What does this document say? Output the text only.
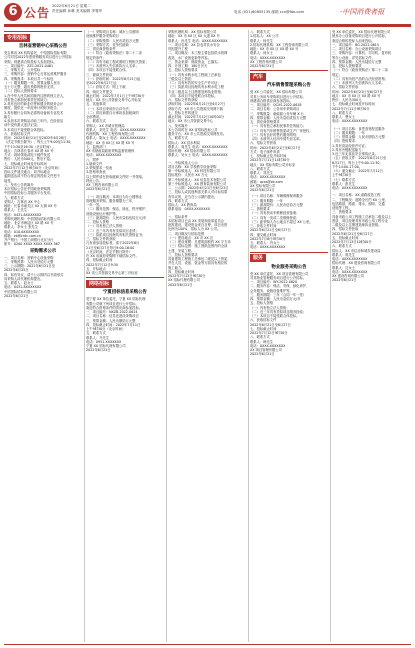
6 公告 2022年6月21日 星期二
责任编辑 孙琳 美术编辑 李骞华	电话 (021)60855135 邮箱 ccn@fdo.com	·中国消费者报
专用招标
吉林省营销中心采购公告
受吉林省 XX 机构委托，中招国际招标有限
公司对其2022年度营销服务项目进行公开招标
采购，现邀请合格投标人参加投标。
一、项目编号：ZZC-2022-0461
二、采购方式：公开招标
三、采购内容：营销中心日常运营维护服务
四、采购需求：本项目共一个标包
（一）服务期限一年，预算金额人民币
五十万元整，超出预算的报价无效。
（二）投标人资格要求
1.在中华人民共和国境内注册的独立法人，
具有独立承担民事责任的能力；
2.具有良好的商业信誉和健全的财务会计
制度，提供近一年经审计的财务报告；
3.具有履行合同所必需的设备和专业技术
能力；
4.参加本次采购活动前三年内，在经营活
动中没有重大违法记录；
5.本项目不接受联合体投标。
六、获取招标文件
时间：2022年6月21日至2022年6月28日
（法定节假日除外），每天上午9:00至11:30，
下午13:30至16:30（北京时间）。
地点：吉林省长春市 XX 路 XX 号
方式：现场领取或电子邮件发送
售价：人民币500元，售后不退。
七、投标截止时间及开标时间
2022年7月12日9时30分（北京时间）
投标文件递交地点：同开标地点
逾期送达或不符合规定的投标文件恕不
接受。
八、发布公告的媒介
本次招标公告在中国政府采购网、
中国招标投标公共服务平台发布。
九、联系方式
采购人：吉林省 XX 中心
地址：长春市南关区 XX 大街 XX 号
联系人：王先生
电话：0431-8XXXXXXX
采购代理机构：中招国际招标有限公司
地址：北京市海淀区 XX 路 XX 号
联系人：李女士 张先生
电话：010-6XXXXXXX
邮箱：zb@cntc.com.cn
开户银行：中国工商银行北京分行
账号：0200 XXXX XXXX XXXX 567
采购需求公示
一、项目名称：营销中心设备采购
二、采购预算：人民币叁拾万元整
三、公示期限：2022年6月21日至
2022年6月25日
四、如有异议，请于公示期内以书面形式
向采购人或代理机构提出。
五、联系人：赵女士
电话：0431-8XXXXXXX
中招国际招标有限公司
2022年6月21日
（一）采购项目名称：城市公共照明
设施维护服务采购项目
（二）采购预算：人民币贰佰万元整
（三）采购方式：竞争性磋商
二、供应商资格条件
（一）符合《政府采购法》第二十二条
规定的条件；
（二）具有市政工程或照明工程相关资质；
（三）未被列入失信被执行人名单；
（四）本项目不接受联合体。
三、磋商文件获取
（一）获取时间：2022年6月21日起
至2022年6月27日止
（二）获取方式：网上下载
四、响应文件提交
截止时间：2022年7月1日上午9时30分
地点：XX 市公共资源交易中心开标室
五、其他事项
（一）本项目采用综合评分法；
（二）供应商需自行承担参加磋商的
全部费用。
六、联系方式
采购人：XX 市城市管理局
联系人：刘先生 电话：0XXX-XXXXXXX
代理机构：XX 工程咨询有限公司
联系人：陈女士 电话：0XXX-XXXXXXX
地址：XX 市 XX 区 XX 路 XX 号
七、监督部门
XX 市财政局政府采购监督管理科
电话：0XXX-XXXXXXX
八、附件
1.磋商文件
2.采购需求一览表
3.资格审查表
以上附件请在获取磋商文件时一并领取。
特此公告。
XX 工程咨询有限公司
2022年6月21日
（一）项目概况：本项目为办公楼物业
管理服务采购，服务期限为三年，
一年一签。
（二）服务范围：保洁、绿化、秩序维护、
设施设备运行维护等。
（三）最高限价：人民币壹佰伍拾万元/年
二、投标人资格
（一）具有独立法人资格；
（二）近三年内具有类似项目业绩；
（三）拟派项目经理具有相关资格证书；
三、招标文件的获取
凡有意参加投标者，请于2022年6月
21日至6月27日每日9:00-16:00
（北京时间，法定节假日除外）
在 XX 省政府采购网下载招标文件。
四、投标截止时间
2022年7月12日9:30
五、开标地点
XX 省公共资源交易中心第三开标室
网络招标
宁夏招标信息采购公告
受宁夏 XX 单位委托，宁夏 XX 招标代理
有限公司就下列项目进行公开招标，
欢迎符合资格条件的供应商参加投标。
一、项目编号：NXZB-2022-0614
二、项目名称：信息化建设采购项目
三、预算金额：人民币捌拾万元整
四、投标截止时间：2022年7月11日
上午9时30分（北京时间）
五、联系方式
联系人：马先生
电话：0951-XXXXXXX
宁夏 XX 招标代理有限公司
2022年6月21日
采购代理机构：XX 招标有限公司
地址：XX 市 XX 区 XX 大道 XX 号
联系人：孙先生 电话：0XXX-XXXXXXX
一、项目名称：XX 县农村饮水安全
巩固提升工程
二、项目概况：本工程主要包括供水管网
改造、水厂设备更新等内容。
三、资金来源：财政资金，已落实。
四、计划工期：180日历天
五、投标人资格要求
（一）具有水利水电工程施工总承包
三级及以上资质；
（二）具有有效的安全生产许可证；
（三）拟派项目经理具有水利水电工程
专业二级及以上注册建造师执业资格；
（四）本项目不接受联合体投标。
六、招标文件的获取
获取时间：2022年6月21日至6月27日
获取方式：XX 市公共资源交易网下载
七、投标文件的递交
截止时间：2022年7月12日10时00分
地点：XX 市公共资源交易中心
八、发布媒介
本公告同时在 XX 省招标投标公共
服务平台、XX 市公共资源交易网发布。
九、联系方式
招标人：XX 县水利局
联系人：周先生 电话：0XXX-XXXXXXX
招标代理：XX 招标有限公司
联系人：吴女士 电话：0XXX-XXXXXXX
一、中标候选人公示
项目名称：XX 学校教学设备采购
第一中标候选人：XX 科技有限公司
投标报价：人民币 XX 万元
第二中标候选人：XX 信息技术有限公司
第三中标候选人：XX 教育装备有限公司
二、公示期：2022年6月21日至6月23日
三、投标人或其他利害关系人对评标结果
有异议的，应当在公示期内提出。
四、联系方式
招标人：XX 教育局
联系电话：0XXX-XXXXXXX
一、招标条件
本招标项目已由 XX 发展和改革委员会
批准建设，建设资金来自自筹，项目出资
比例为100%，招标人为 XX 公司。
二、项目概况与招标范围
（一）建设地点：XX 市 XX 区
（二）建设规模：总建筑面积约 XX 平方米
（三）招标范围：施工图纸范围内的全部
土建、安装工程。
三、投标人资格要求
具备建筑工程施工总承包二级及以上资质，
并在人员、设备、资金等方面具有相应的
施工能力。
四、投标截止时间
2022年7月13日9时30分
XX 招标代理有限公司
2022年6月21日
八、联系方式
1.招标人：XX 公司
联系人：杨先生
2.招标代理机构：XX 工程咨询有限公司
地址：XX 市 XX 区 XX 路 XX 号
联系人：何女士
电话：0XXX-XXXXXXX
XX 工程咨询有限公司
2022年6月21日
汽车
汽车销售管理采购公告
受 XX 公司委托，XX 招标有限公司
对其公务用车采购项目进行公开招标，
现邀请合格供应商参加投标。
一、项目编号：QCXS-2022-0618
二、项目名称：公务用车采购项目
三、采购数量：新能源公务车辆 X 台
四、预算金额：人民币壹佰贰拾万元整
五、供应商资格要求
（一）具有独立承担民事责任的能力；
（二）具有汽车销售资质或生产厂家授权；
（三）具有良好的售后服务网络；
（四）未被列入信用中国失信名单。
六、招标文件获取
时间：2022年6月21日至6月27日
方式：电子邮件申请
七、投标截止及开标时间
2022年7月11日14时30分
地点：XX 招标有限公司开标室
八、联系方式
联系人：郑先生
电话：0XXX-XXXXXXX
邮箱：qcxs@zb.com
XX 招标有限公司
2022年6月21日
（一）项目名称：车辆维修保养服务
（二）服务期限：一年
（三）最高限价：人民币伍拾万元整
二、资格要求
（一）具有机动车维修经营备案；
（二）具有一类或二类维修资质；
（三）距采购人办公地点不超过 XX 公里。
三、获取文件时间
2022年6月21日至6月27日
四、递交截止时间
2022年7月8日9时30分
五、联系人：冯女士
电话：0XXX-XXXXXXX
服务
物业服务采购公告
受 XX 单位委托，XX 项目管理有限公司
对其物业管理服务项目进行公开招标。
一、项目编号：WY-2022-0620
二、服务内容：保洁、安保、绿化养护、
会务服务、设施设备维护等。
三、服务期限：三年（合同一年一签）
四、预算金额：人民币壹佰万元/年
五、投标人资格
（一）具有独立法人资格；
（二）近三年具有类似项目服务经验；
（三）本项目不接受联合体投标。
六、获取招标文件
2022年6月21日至6月27日
七、投标截止时间
2022年7月12日9时30分
八、联系方式
联系人：韩先生
电话：0XXX-XXXXXXX
XX 项目管理有限公司
2022年6月21日
受 XX 单位委托，XX 招标代理有限公司
就其办公设备采购项目进行公开招标，
欢迎合格的投标人前来投标。
一、项目编号：BG-2022-0615
二、项目名称：办公设备采购项目
三、采购内容：计算机、打印机、复印机
等办公设备，详见招标文件。
四、预算金额：人民币陆拾万元整
五、投标人资格要求
（一）符合《政府采购法》第二十二条
规定；
（二）具有所投产品的合法经营资格；
（三）未被列入失信被执行人名单。
六、招标文件获取
时间：2022年6月21日至6月27日
地点：XX 市 XX 区 XX 路 XX 号
售价：人民币300元
七、投标截止时间及开标时间
2022年7月11日9时30分
八、联系方式
联系人：曹女士
电话：0XXX-XXXXXXX
（一）项目名称：食堂食材配送服务
（二）服务期限：一年
（三）预算金额：人民币捌拾万元整
（四）资格要求：
1.具有食品经营许可证；
2.具有冷链配送能力；
3.近三年无食品安全事故记录。
（五）获取文件：2022年6月21日至
6月27日，每日上午9:00-11:30，
下午14:00-17:00。
（六）递交截止：2022年7月12日
上午9时30分
（七）联系方式
联系人：彭先生
电话：0XXX-XXXXXXX
一、项目名称：XX 道路改造工程
二、工程概况：道路全长约 XX 公里，
包括路基、路面、排水、照明、交通
设施等工程。
三、资格要求
具备市政公用工程施工总承包二级及以上
资质，项目经理具有市政公用工程专业
二级及以上注册建造师执业资格。
四、招标文件获取
2022年6月21日至6月27日
五、投标截止时间
2022年7月13日10时00分
六、联系方式
招标人：XX 市住房和城乡建设局
联系人：蒋先生
电话：0XXX-XXXXXXX
招标代理：XX 建设咨询有限公司
联系人：沈女士
电话：0XXX-XXXXXXX
XX 建设咨询有限公司
2022年6月21日
